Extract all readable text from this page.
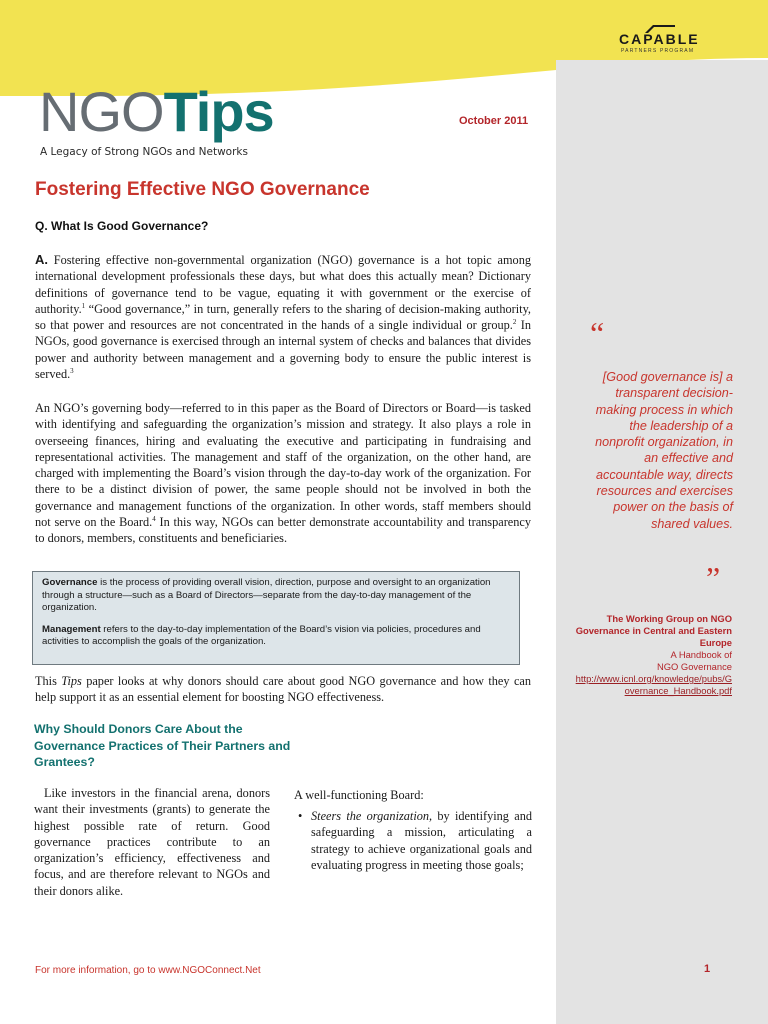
CAPABLE
PARTNERS PROGRAM
NGOTips
A Legacy of Strong NGOs and Networks
October 2011
Fostering Effective NGO Governance
Q. What Is Good Governance?

A. Fostering effective non-governmental organization (NGO) governance is a hot topic among international development professionals these days, but what does this actually mean? Dictionary definitions of governance tend to be vague, equating it with government or the exercise of authority.$^1$ “Good governance,” in turn, generally refers to the sharing of decision-making authority, so that power and resources are not concentrated in the hands of a single individual or group.$^2$ In NGOs, good governance is exercised through an internal system of checks and balances that divides power and authority between management and a governing body to ensure the public interest is served.$^3$

An NGO’s governing body—referred to in this paper as the Board of Directors or Board—is tasked with identifying and safeguarding the organization’s mission and strategy. It also plays a role in overseeing finances, hiring and evaluating the executive and participating in fundraising and representational activities. The management and staff of the organization, on the other hand, are charged with implementing the Board’s vision through the day-to-day work of the organization. For there to be a distinct division of power, the same people should not be involved in both the governance and management functions of the organization. In other words, staff members should not serve on the Board.$^4$ In this way, NGOs can better demonstrate accountability and transparency to donors, members, constituents and beneficiaries.

Governance is the process of providing overall vision, direction, purpose and oversight to an organization through a structure—such as a Board of Directors—separate from the day-to-day management of the organization.

Management refers to the day-to-day implementation of the Board’s vision via policies, procedures and activities to accomplish the goals of the organization.

This Tips paper looks at why donors should care about good NGO governance and how they can help support it as an essential element for boosting NGO effectiveness.

Why Should Donors Care About the Governance Practices of Their Partners and Grantees?

Like investors in the financial arena, donors want their investments (grants) to generate the highest possible rate of return. Good governance practices contribute to an organization’s efficiency, effectiveness and focus, and are therefore relevant to NGOs and their donors alike.

A well-functioning Board:

• Steers the organization, by identifying and safeguarding a mission, articulating a strategy to achieve organizational goals and evaluating progress in meeting those goals;

“

[Good governance is] a transparent decision-making process in which the leadership of a nonprofit organization, in an effective and accountable way, directs resources and exercises power on the basis of shared values.

”
The Working Group on NGO Governance in Central and Eastern Europe
A Handbook of
NGO Governance
http://www.icnl.org/knowledge/pubs/Governance_Handbook.pdf
For more information, go to www.NGOConnect.Net	1
